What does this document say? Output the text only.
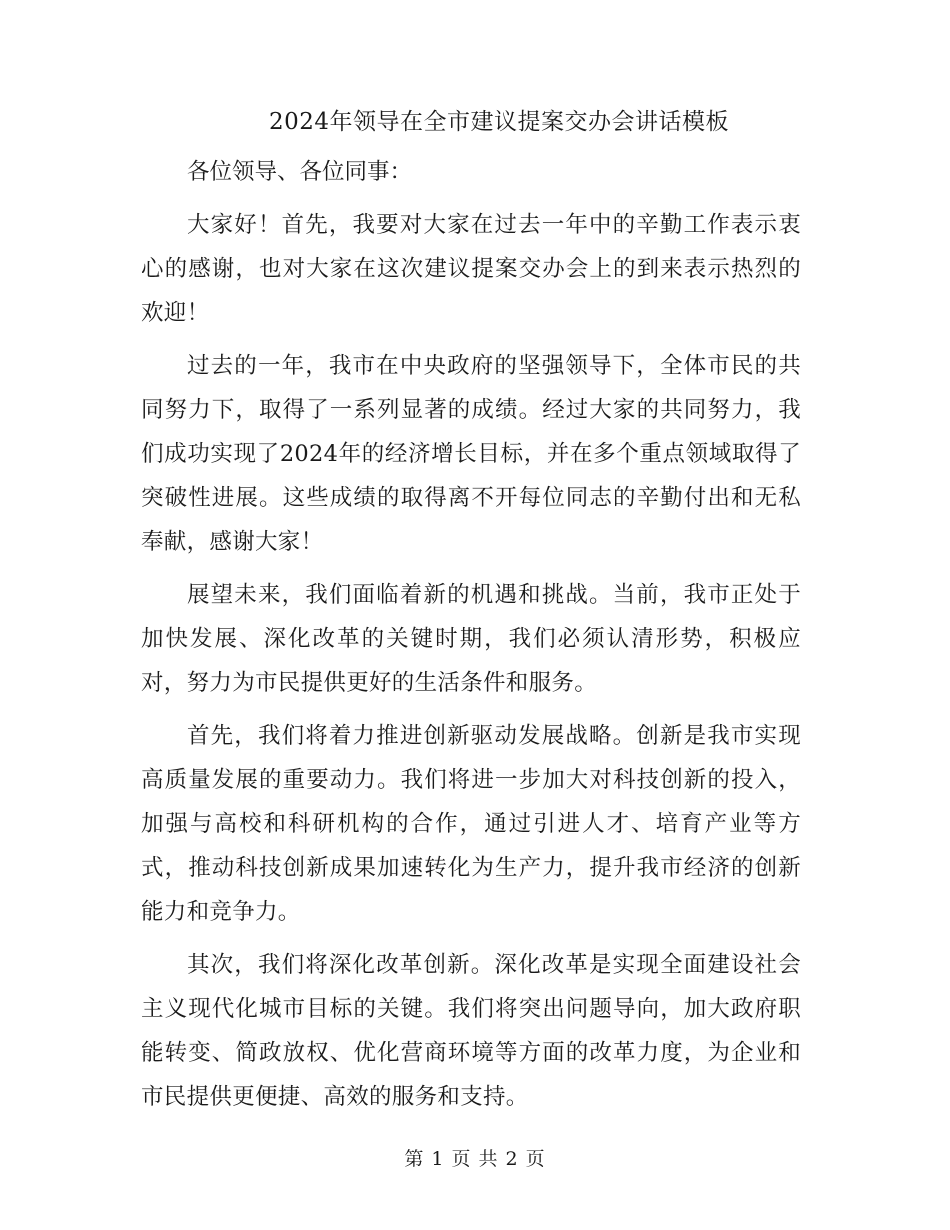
2024年领导在全市建议提案交办会讲话模板

各位领导、各位同事：

大家好！首先，我要对大家在过去一年中的辛勤工作表示衷心的感谢，也对大家在这次建议提案交办会上的到来表示热烈的欢迎！

过去的一年，我市在中央政府的坚强领导下，全体市民的共同努力下，取得了一系列显著的成绩。经过大家的共同努力，我们成功实现了2024年的经济增长目标，并在多个重点领域取得了突破性进展。这些成绩的取得离不开每位同志的辛勤付出和无私奉献，感谢大家！

展望未来，我们面临着新的机遇和挑战。当前，我市正处于加快发展、深化改革的关键时期，我们必须认清形势，积极应对，努力为市民提供更好的生活条件和服务。

首先，我们将着力推进创新驱动发展战略。创新是我市实现高质量发展的重要动力。我们将进一步加大对科技创新的投入，加强与高校和科研机构的合作，通过引进人才、培育产业等方式，推动科技创新成果加速转化为生产力，提升我市经济的创新能力和竞争力。

其次，我们将深化改革创新。深化改革是实现全面建设社会主义现代化城市目标的关键。我们将突出问题导向，加大政府职能转变、简政放权、优化营商环境等方面的改革力度，为企业和市民提供更便捷、高效的服务和支持。

第 1 页 共 2 页
